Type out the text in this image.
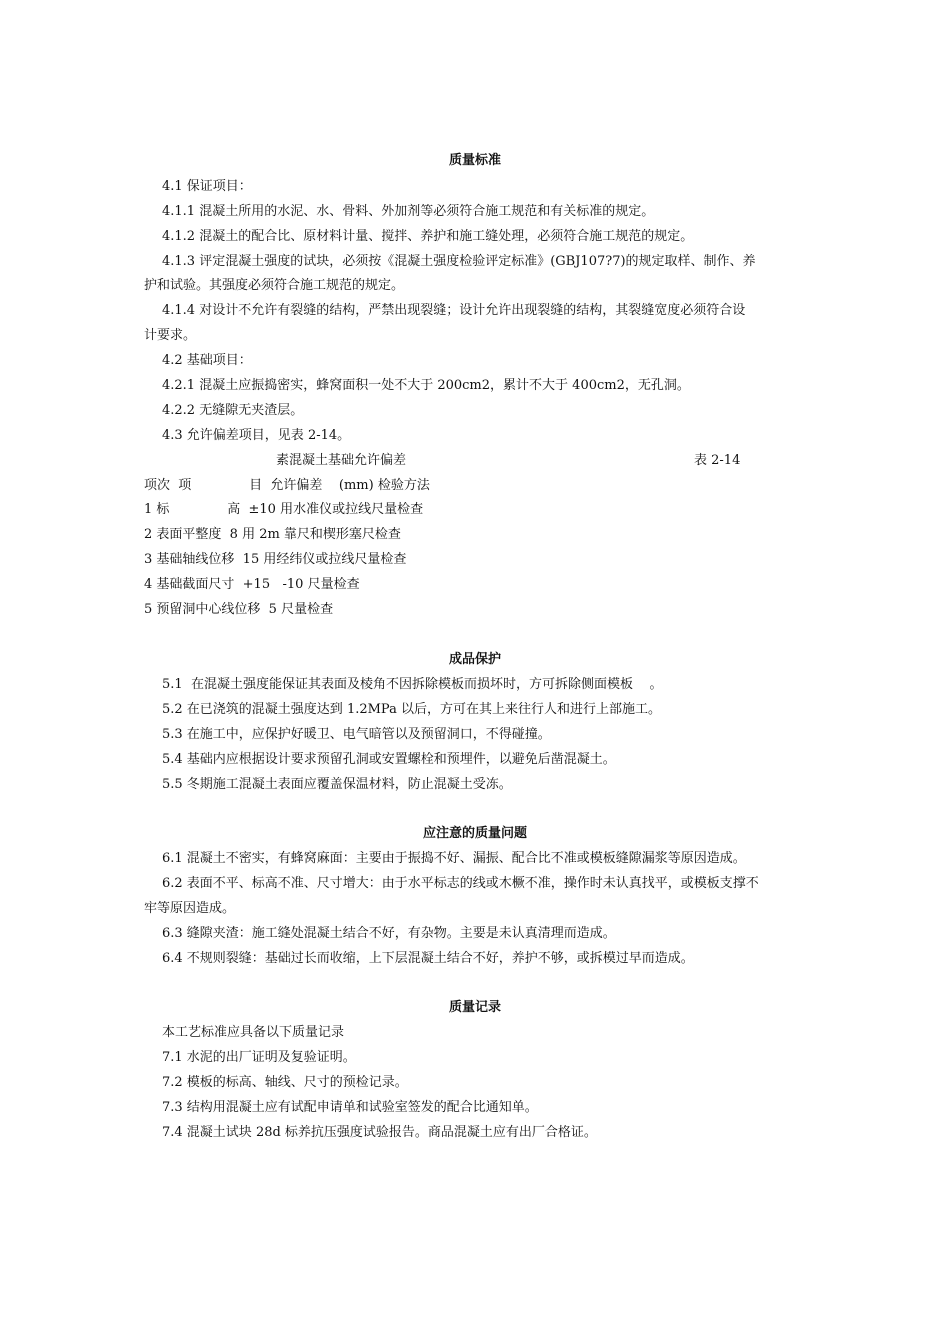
质量标准
4.1 保证项目：
4.1.1 混凝土所用的水泥、水、骨料、外加剂等必须符合施工规范和有关标准的规定。
4.1.2 混凝土的配合比、原材料计量、搅拌、养护和施工缝处理，必须符合施工规范的规定。
4.1.3 评定混凝土强度的试块，必须按《混凝土强度检验评定标准》(GBJ107?7)的规定取样、制作、养
护和试验。其强度必须符合施工规范的规定。
4.1.4 对设计不允许有裂缝的结构，严禁出现裂缝；设计允许出现裂缝的结构，其裂缝宽度必须符合设
计要求。
4.2 基础项目：
4.2.1 混凝土应振捣密实，蜂窝面积一处不大于 200cm2，累计不大于 400cm2，无孔洞。
4.2.2 无缝隙无夹渣层。
4.3 允许偏差项目，见表 2-14。
素混凝土基础允许偏差	表 2-14
项次  项              目  允许偏差    (mm) 检验方法
1 标              高  ±10 用水准仪或拉线尺量检查
2 表面平整度  8 用 2m 靠尺和楔形塞尺检查
3 基础轴线位移  15 用经纬仪或拉线尺量检查
4 基础截面尺寸  +15   -10 尺量检查
5 预留洞中心线位移  5 尺量检查
成品保护
5.1  在混凝土强度能保证其表面及棱角不因拆除模板而损坏时，方可拆除侧面模板    。
5.2 在已浇筑的混凝土强度达到 1.2MPa 以后，方可在其上来往行人和进行上部施工。
5.3 在施工中，应保护好暖卫、电气暗管以及预留洞口，不得碰撞。
5.4 基础内应根据设计要求预留孔洞或安置螺栓和预埋件，以避免后凿混凝土。
5.5 冬期施工混凝土表面应覆盖保温材料，防止混凝土受冻。
应注意的质量问题
6.1 混凝土不密实，有蜂窝麻面：主要由于振捣不好、漏振、配合比不准或模板缝隙漏浆等原因造成。
6.2 表面不平、标高不准、尺寸增大：由于水平标志的线或木橛不准，操作时未认真找平，或模板支撑不
牢等原因造成。
6.3 缝隙夹渣：施工缝处混凝土结合不好，有杂物。主要是未认真清理而造成。
6.4 不规则裂缝：基础过长而收缩，上下层混凝土结合不好，养护不够，或拆模过早而造成。
质量记录
本工艺标准应具备以下质量记录
7.1 水泥的出厂证明及复验证明。
7.2 模板的标高、轴线、尺寸的预检记录。
7.3 结构用混凝土应有试配申请单和试验室签发的配合比通知单。
7.4 混凝土试块 28d 标养抗压强度试验报告。商品混凝土应有出厂合格证。
